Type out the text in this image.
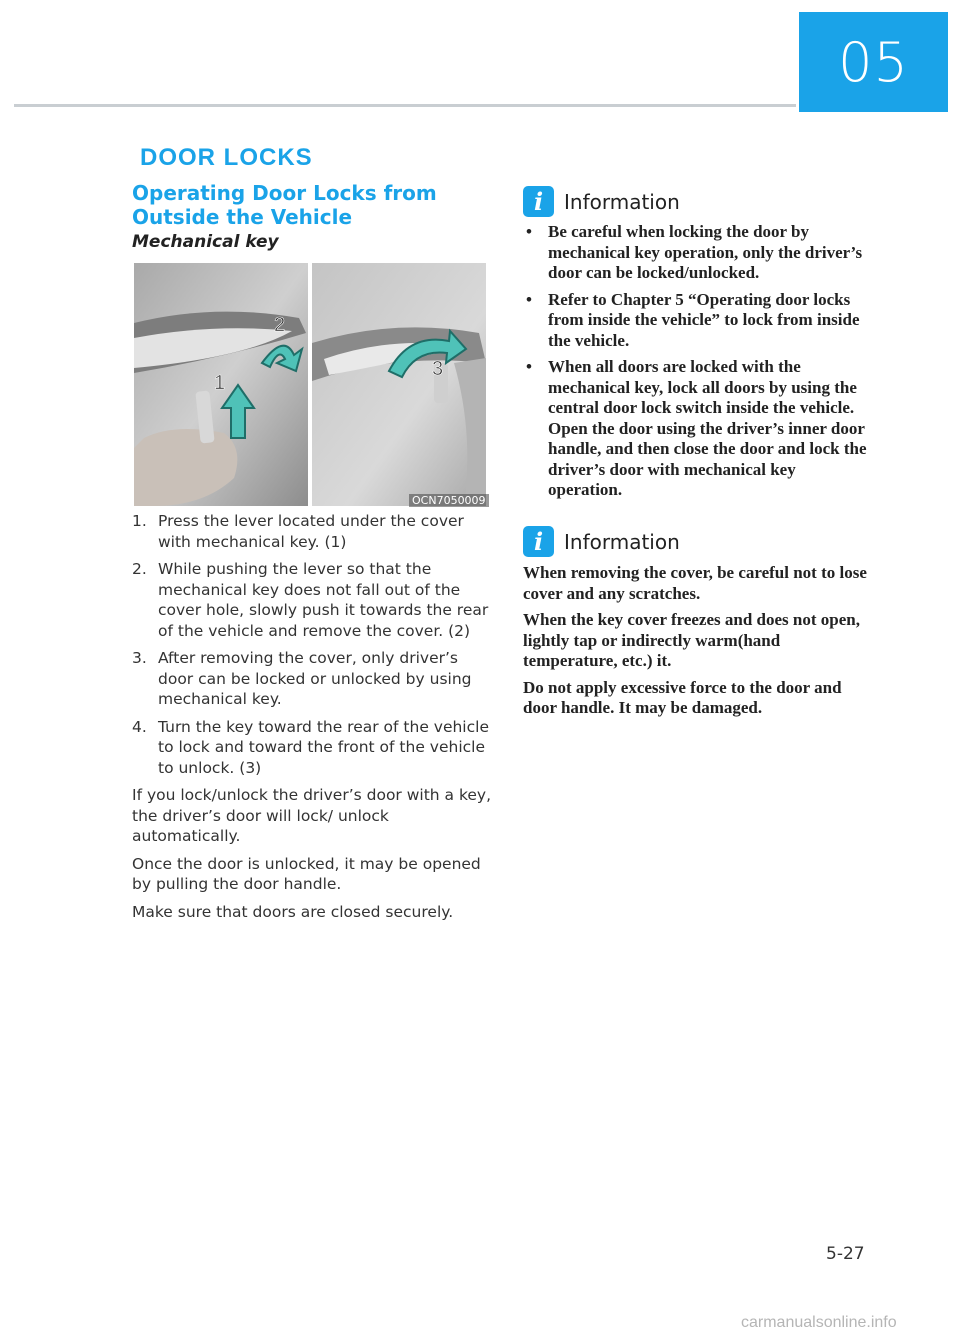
05
DOOR LOCKS
Operating Door Locks from Outside the Vehicle
Mechanical key
1
2
3
OCN7050009
1. Press the lever located under the cover with mechanical key. (1)
2. While pushing the lever so that the mechanical key does not fall out of the cover hole, slowly push it towards the rear of the vehicle and remove the cover. (2)
3. After removing the cover, only driver’s door can be locked or unlocked by using mechanical key.
4. Turn the key toward the rear of the vehicle to lock and toward the front of the vehicle to unlock. (3)

If you lock/unlock the driver’s door with a key, the driver’s door will lock/ unlock automatically.

Once the door is unlocked, it may be opened by pulling the door handle.

Make sure that doors are closed securely.

i	Information
• Be careful when locking the door by mechanical key operation, only the driver’s door can be locked/unlocked.
• Refer to Chapter 5 “Operating door locks from inside the vehicle” to lock from inside the vehicle.
• When all doors are locked with the mechanical key, lock all doors by using the central door lock switch inside the vehicle. Open the door using the driver’s inner door handle, and then close the door and lock the driver’s door with mechanical key operation.
i	Information

When removing the cover, be careful not to lose cover and any scratches.

When the key cover freezes and does not open, lightly tap or indirectly warm(hand temperature, etc.) it.

Do not apply excessive force to the door and door handle. It may be damaged.

5-27
carmanualsonline.info
